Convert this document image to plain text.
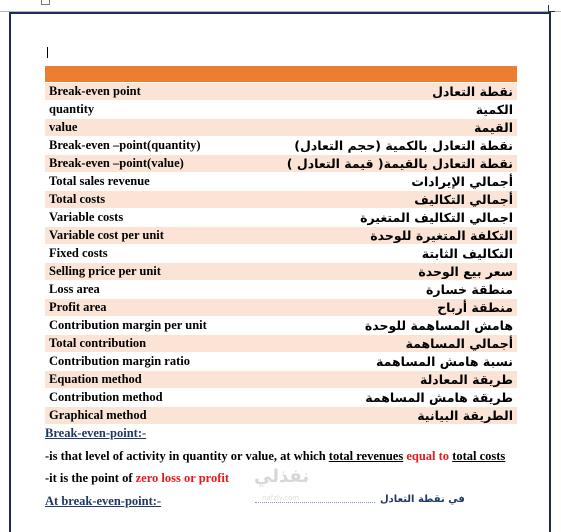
Break-even point	نقطة التعادل
quantity	الكمية
value	القيمة
Break-even –point(quantity)	نقطة التعادل بالكمية (حجم التعادل)
Break-even –point(value)	نقطة التعادل بالقيمة( قيمة التعادل )
Total sales revenue	أجمالي الإيرادات
Total costs	أجمالي التكاليف
Variable costs	اجمالي التكاليف المتغيرة
Variable cost per unit	التكلفة المتغيرة للوحدة
Fixed costs	التكاليف الثابتة
Selling price per unit	سعر بيع الوحدة
Loss area	منطقة خسارة
Profit area	منطقة أرباح
Contribution margin per unit	هامش المساهمة للوحدة
Total contribution	أجمالي المساهمة
Contribution margin ratio	نسبة هامش المساهمة
Equation method	طريقة المعادلة
Contribution method	طريقة هامش المساهمة
Graphical method	الطريقة البيانية
Break-even-point:-
-is that level of activity in quantity or value, at which total revenues equal to total costs
-it is the point of zero loss or profit نفذلي
nafzly.com
At break-even-point:-	في نقطة التعادل
